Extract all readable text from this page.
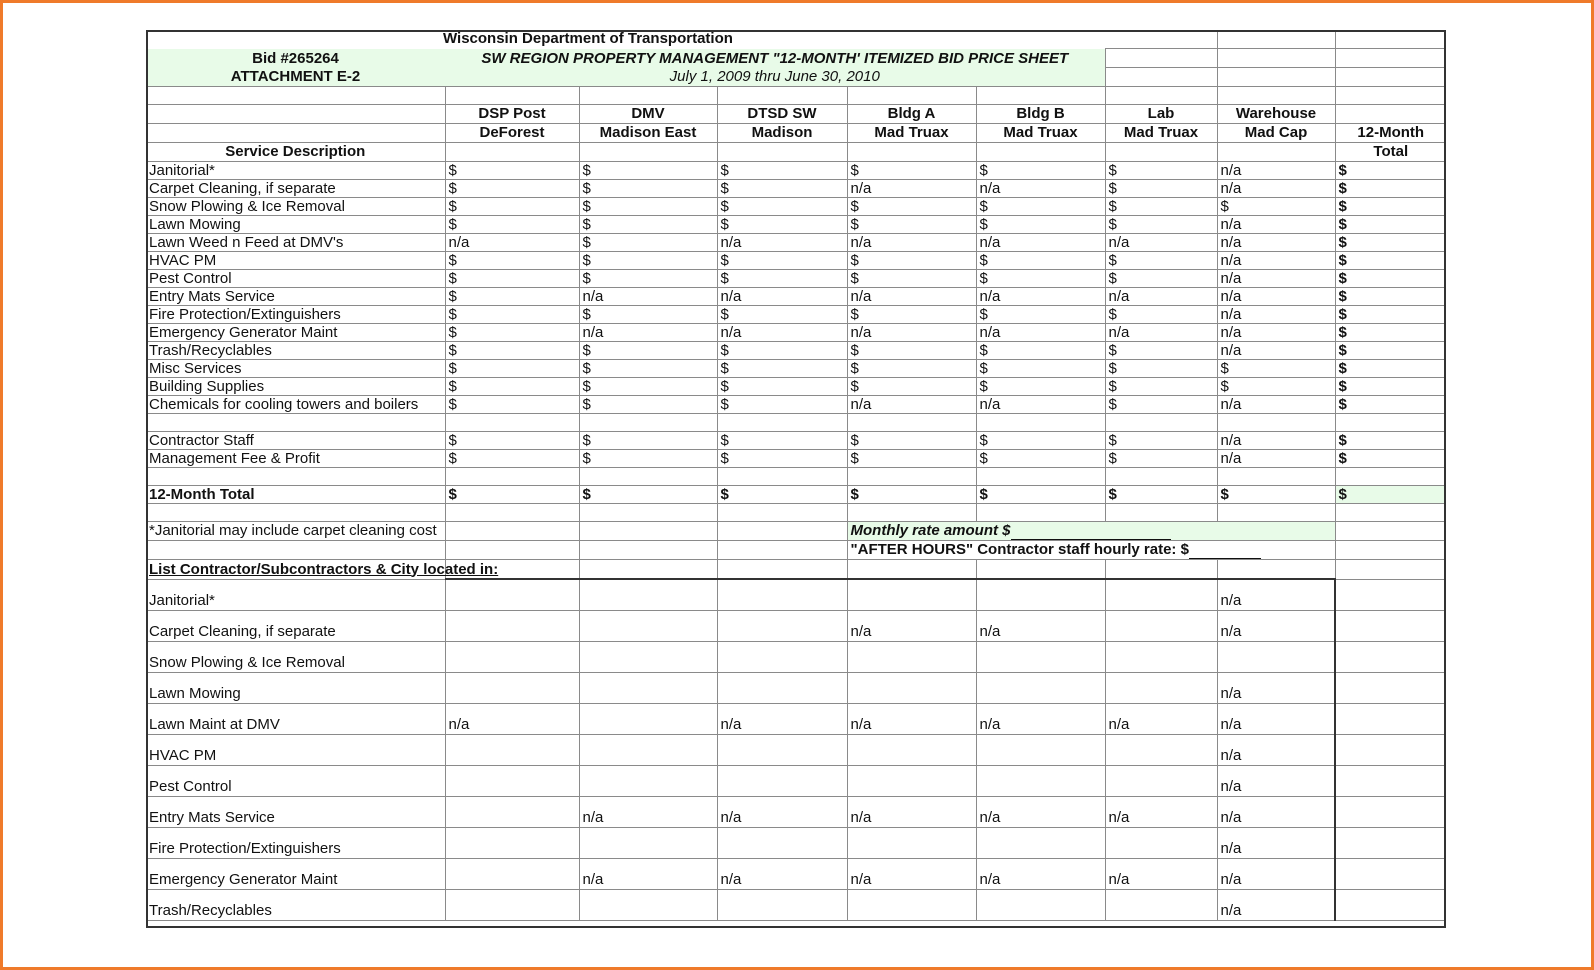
Wisconsin Department of Transportation								
Bid #265264	SW REGION PROPERTY MANAGEMENT "12-MONTH' ITEMIZED BID PRICE SHEET							
ATTACHMENT E-2	July 1, 2009 thru June 30, 2010							

	DSP Post	DMV	DTSD SW	Bldg A	Bldg B	Lab	Warehouse	
	DeForest	Madison East	Madison	Mad Truax	Mad Truax	Mad Truax	Mad Cap	12-Month
Service Description								Total
Janitorial*	$	$	$	$	$	$	n/a	$
Carpet Cleaning, if separate	$	$	$	n/a	n/a	$	n/a	$
Snow Plowing & Ice Removal	$	$	$	$	$	$	$	$
Lawn Mowing	$	$	$	$	$	$	n/a	$
Lawn Weed n Feed at DMV's	n/a	$	n/a	n/a	n/a	n/a	n/a	$
HVAC PM	$	$	$	$	$	$	n/a	$
Pest Control	$	$	$	$	$	$	n/a	$
Entry Mats Service	$	n/a	n/a	n/a	n/a	n/a	n/a	$
Fire Protection/Extinguishers	$	$	$	$	$	$	n/a	$
Emergency Generator Maint	$	n/a	n/a	n/a	n/a	n/a	n/a	$
Trash/Recyclables	$	$	$	$	$	$	n/a	$
Misc Services	$	$	$	$	$	$	$	$
Building Supplies	$	$	$	$	$	$	$	$
Chemicals for cooling towers and boilers	$	$	$	n/a	n/a	$	n/a	$

Contractor Staff	$	$	$	$	$	$	n/a	$
Management Fee & Profit	$	$	$	$	$	$	n/a	$

12-Month Total	$	$	$	$	$	$	$	$

*Janitorial may include carpet cleaning cost				Monthly rate amount $				
				"AFTER HOURS" Contractor staff hourly rate: $				
List Contractor/Subcontractors & City located in:								
Janitorial*							n/a	
Carpet Cleaning, if separate				n/a	n/a		n/a	
Snow Plowing & Ice Removal								
Lawn Mowing							n/a	
Lawn Maint at DMV	n/a		n/a	n/a	n/a	n/a	n/a	
HVAC PM							n/a	
Pest Control							n/a	
Entry Mats Service		n/a	n/a	n/a	n/a	n/a	n/a	
Fire Protection/Extinguishers							n/a	
Emergency Generator Maint		n/a	n/a	n/a	n/a	n/a	n/a	
Trash/Recyclables							n/a	
